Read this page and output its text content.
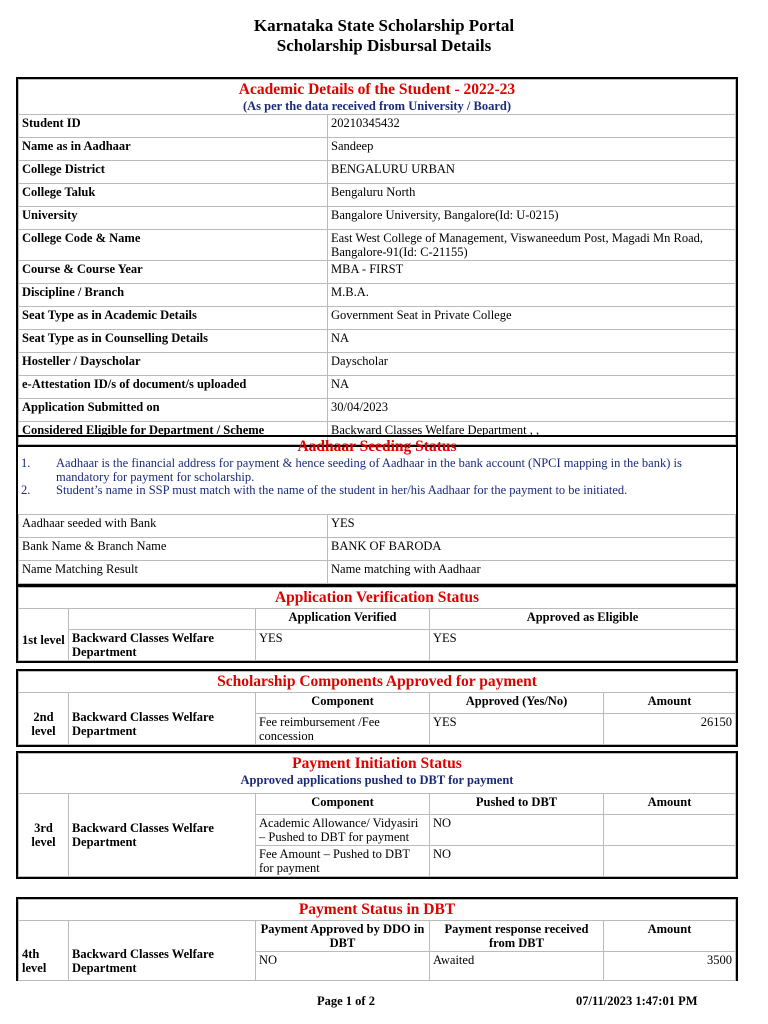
Karnataka State Scholarship Portal
Scholarship Disbursal Details
Academic Details of the Student - 2022-23
(As per the data received from University / Board)	

Student ID	20210345432
Name as in Aadhaar	Sandeep
College District	BENGALURU URBAN
College Taluk	Bengaluru North
University	Bangalore University, Bangalore(Id: U-0215)
College Code & Name	East West College of Management, Viswaneedum Post, Magadi Mn Road, Bangalore-91(Id: C-21155)
Course & Course Year	MBA - FIRST
Discipline / Branch	M.B.A.
Seat Type as in Academic Details	Government Seat in Private College
Seat Type as in Counselling Details	NA
Hosteller / Dayscholar	Dayscholar
e-Attestation ID/s of document/s uploaded	NA
Application Submitted on	30/04/2023
Considered Eligible for Department / Scheme	Backward Classes Welfare Department , ,
Aadhaar Seeding Status
1.	Aadhaar is the financial address for payment & hence seeding of Aadhaar in the bank account (NPCI mapping in the bank) is mandatory for payment for scholarship.
2.	Student’s name in SSP must match with the name of the student in her/his Aadhaar for the payment to be initiated.
Aadhaar seeded with Bank	YES
Bank Name & Branch Name	BANK OF BARODA
Name Matching Result	Name matching with Aadhaar
Application Verification Status			

1st level		Application Verified	Approved as Eligible
	Backward Classes Welfare Department	YES	YES
Scholarship Components Approved for payment				

2nd level	Backward Classes Welfare Department	Component	Approved (Yes/No)	Amount
		Fee reimbursement /Fee concession	YES	26150
Payment Initiation Status
Approved applications pushed to DBT for payment				

3rd level	Backward Classes Welfare Department	Component	Pushed to DBT	Amount
		Academic Allowance/ Vidyasiri – Pushed to DBT for payment	NO	
		Fee Amount – Pushed to DBT for payment	NO	
Payment Status in DBT				

4th level	Backward Classes Welfare Department	Payment Approved by DDO in DBT	Payment response received from DBT	Amount
		NO	Awaited	3500
Page 1 of 2	07/11/2023 1:47:01 PM
